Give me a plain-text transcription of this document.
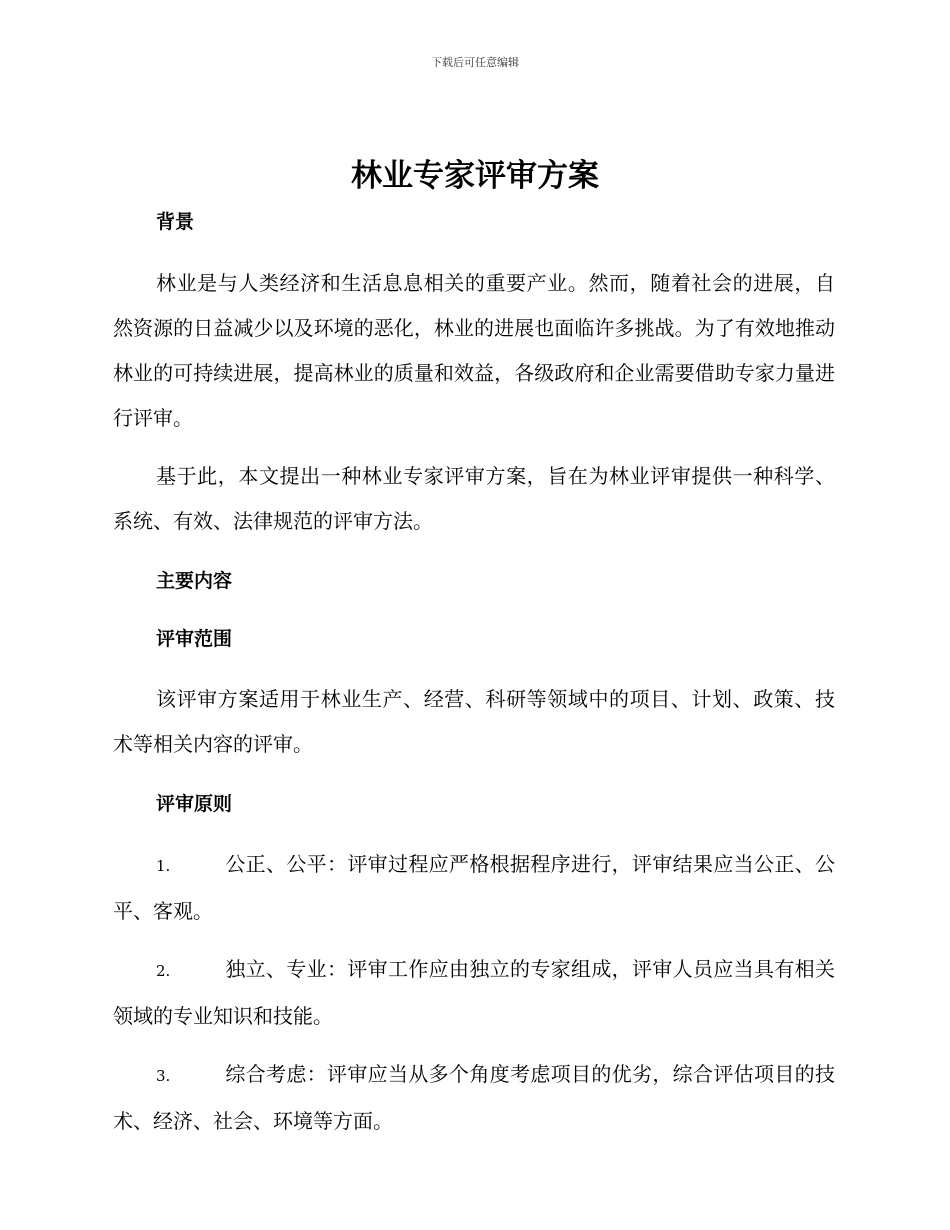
下载后可任意编辑
林业专家评审方案

背景

林业是与人类经济和生活息息相关的重要产业。然而，随着社会的进展，自然资源的日益减少以及环境的恶化，林业的进展也面临许多挑战。为了有效地推动林业的可持续进展，提高林业的质量和效益，各级政府和企业需要借助专家力量进行评审。

基于此，本文提出一种林业专家评审方案，旨在为林业评审提供一种科学、系统、有效、法律规范的评审方法。

主要内容

评审范围

该评审方案适用于林业生产、经营、科研等领域中的项目、计划、政策、技术等相关内容的评审。

评审原则

1.	公正、公平：评审过程应严格根据程序进行，评审结果应当公正、公平、客观。

2.	独立、专业：评审工作应由独立的专家组成，评审人员应当具有相关领域的专业知识和技能。

3.	综合考虑：评审应当从多个角度考虑项目的优劣，综合评估项目的技术、经济、社会、环境等方面。
